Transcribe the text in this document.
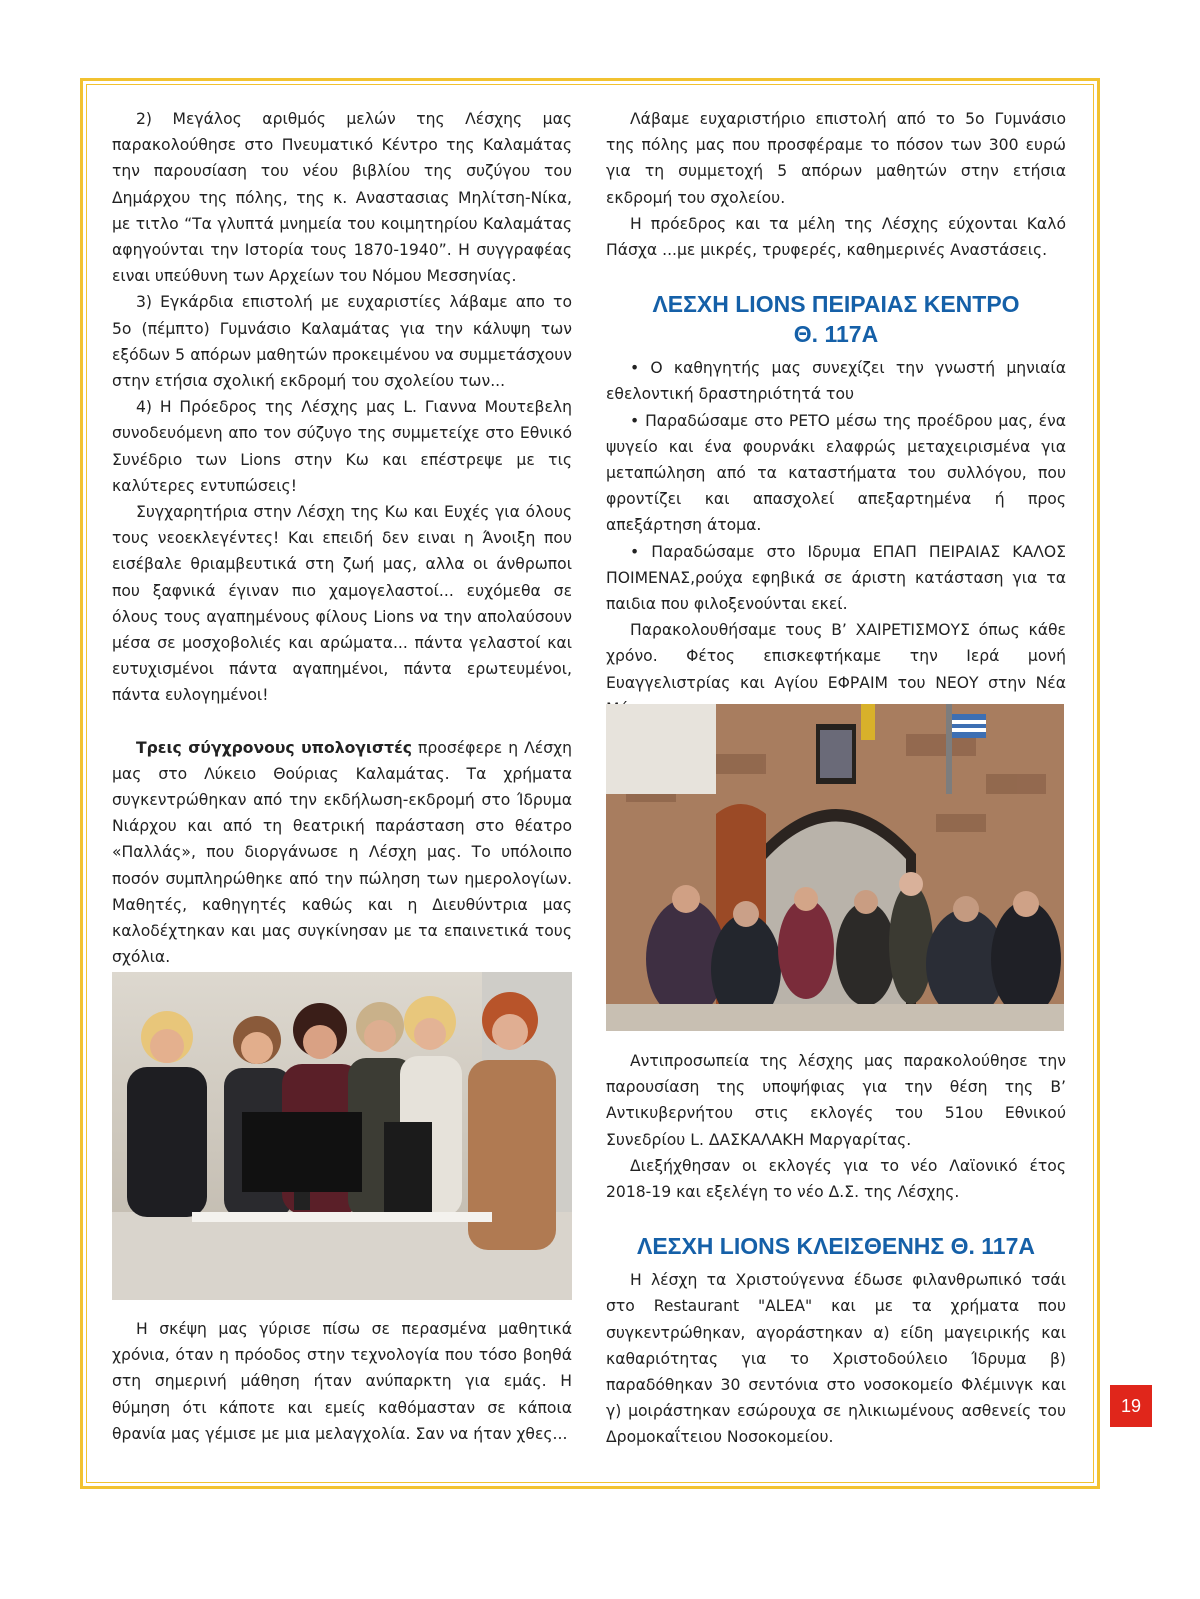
2) Μεγάλος αριθμός μελών της Λέσχης μας παρακολούθησε στο Πνευματικό Κέντρο της Καλαμάτας την παρουσίαση του νέου βιβλίου της συζύγου του Δημάρχου της πόλης, της κ. Αναστασιας Μηλίτση-Νίκα, με τιτλο “Τα γλυπτά μνημεία του κοιμητηρίου Καλαμάτας αφηγούνται την Ιστορία τους 1870-1940”. Η συγγραφέας ειναι υπεύθυνη των Αρχείων του Νόμου Μεσσηνίας.

3) Εγκάρδια επιστολή με ευχαριστίες λάβαμε απο το 5ο (πέμπτο) Γυμνάσιο Καλαμάτας για την κάλυψη των εξόδων 5 απόρων μαθητών προκειμένου να συμμετάσχουν στην ετήσια σχολική εκδρομή του σχολείου των...

4) Η Πρόεδρος της Λέσχης μας L. Γιαννα Μουτεβελη συνοδευόμενη απο τον σύζυγο της συμμετείχε στο Εθνικό Συνέδριο των Lions στην Κω και επέστρεψε με τις καλύτερες εντυπώσεις!

Συγχαρητήρια στην Λέσχη της Κω και Ευχές για όλους τους νεοεκλεγέντες! Και επειδή δεν ειναι η Άνοιξη που εισέβαλε θριαμβευτικά στη ζωή μας, αλλα οι άνθρωποι που ξαφνικά έγιναν πιο χαμογελαστοί... ευχόμεθα σε όλους τους αγαπημένους φίλους Lions να την απολαύσουν μέσα σε μοσχοβολιές και αρώματα... πάντα γελαστοί και ευτυχισμένοι πάντα αγαπημένοι, πάντα ερωτευμένοι, πάντα ευλογημένοι!

Τρεις σύγχρονους υπολογιστές προσέφερε η Λέσχη μας στο Λύκειο Θούριας Καλαμάτας. Τα χρήματα συγκεντρώθηκαν από την εκδήλωση-εκδρομή στο Ίδρυμα Νιάρχου και από τη θεατρική παράσταση στο θέατρο «Παλλάς», που διοργάνωσε η Λέσχη μας. Το υπόλοιπο ποσόν συμπληρώθηκε από την πώληση των ημερολογίων. Μαθητές, καθηγητές καθώς και η Διευθύντρια μας καλοδέχτηκαν και μας συγκίνησαν με τα επαινετικά τους σχόλια.

Η σκέψη μας γύρισε πίσω σε περασμένα μαθητικά χρόνια, όταν η πρόοδος στην τεχνολογία που τόσο βοηθά στη σημερινή μάθηση ήταν ανύπαρκτη για εμάς. Η θύμηση ότι κάποτε και εμείς καθόμασταν σε κάποια θρανία μας γέμισε με μια μελαγχολία. Σαν να ήταν χθες...

Λάβαμε ευχαριστήριο επιστολή από το 5ο Γυμνάσιο της πόλης μας που προσφέραμε το πόσον των 300 ευρώ για τη συμμετοχή 5 απόρων μαθητών στην ετήσια εκδρομή του σχολείου.

Η πρόεδρος και τα μέλη της Λέσχης εύχονται Καλό Πάσχα ...με μικρές, τρυφερές, καθημερινές Αναστάσεις.

ΛΕΣΧΗ LIONS ΠΕΙΡΑΙΑΣ ΚΕΝΤΡΟ
Θ. 117Α

• Ο καθηγητής μας συνεχίζει την γνωστή μηνιαία εθελοντική δραστηριότητά του

• Παραδώσαμε στο ΡΕΤΟ μέσω της προέδρου μας, ένα ψυγείο και ένα φουρνάκι ελαφρώς μεταχειρισμένα για μεταπώληση από τα καταστήματα του συλλόγου, που φροντίζει και απασχολεί απεξαρτημένα ή προς απεξάρτηση άτομα.

• Παραδώσαμε στο Ιδρυμα ΕΠΑΠ ΠΕΙΡΑΙΑΣ ΚΑΛΟΣ ΠΟΙΜΕΝΑΣ,ρούχα εφηβικά σε άριστη κατάσταση για τα παιδια που φιλοξενούνται εκεί.

Παρακολουθήσαμε τους Β’ ΧΑΙΡΕΤΙΣΜΟΥΣ όπως κάθε χρόνο. Φέτος επισκεφτήκαμε την Ιερά μονή Ευαγγελιστρίας και Αγίου ΕΦΡΑΙΜ του ΝΕΟΥ στην Νέα

Αντιπροσωπεία της λέσχης μας παρακολούθησε την παρουσίαση της υποψήφιας για την θέση της Β’ Αντικυβερνήτου στις εκλογές του 51ου Εθνικού Συνεδρίου L. ΔΑΣΚΑΛΑΚΗ Μαργαρίτας.

Διεξήχθησαν οι εκλογές για το νέο Λαϊονικό έτος 2018-19 και εξελέγη το νέο Δ.Σ. της Λέσχης.

ΛΕΣΧΗ LIONS ΚΛΕΙΣΘΕΝΗΣ Θ. 117Α

Η λέσχη τα Χριστούγεννα έδωσε φιλανθρωπικό τσάι στο Restaurant "ALEA" και με τα χρήματα που συγκεντρώθηκαν, αγοράστηκαν α) είδη μαγειρικής και καθαριότητας για το Χριστοδούλειο Ίδρυμα β) παραδόθηκαν 30 σεντόνια στο νοσοκομείο Φλέμινγκ και γ) μοιράστηκαν εσώρουχα σε ηλικιωμένους ασθενείς του Δρομοκαΐτειου Νοσοκομείου.

19
